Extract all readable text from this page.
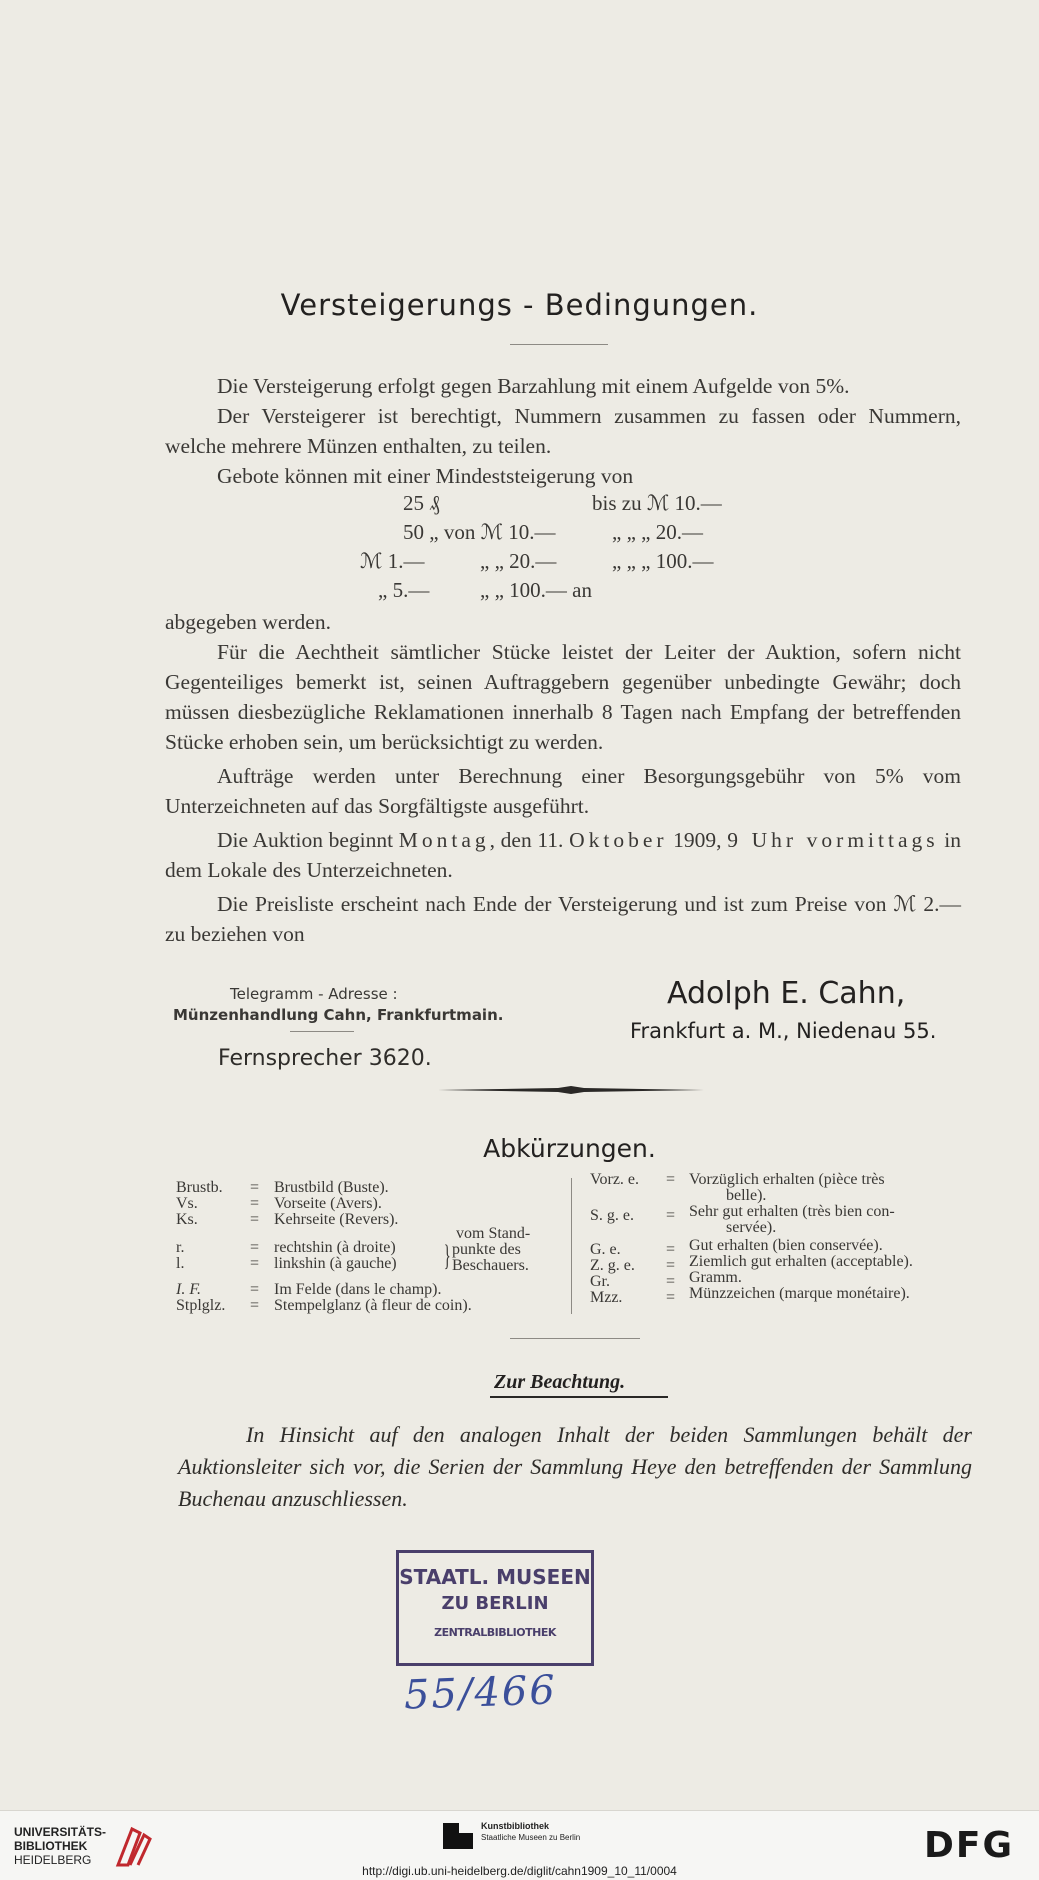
Versteigerungs - Bedingungen.

Die Versteigerung erfolgt gegen Barzahlung mit einem Aufgelde von 5%.

Der Versteigerer ist berechtigt, Nummern zusammen zu fassen oder Nummern, welche mehrere Münzen enthalten, zu teilen.

Gebote können mit einer Mindeststeigerung von

25 ₰	bis zu ℳ 10.—
50 „ von ℳ 10.—	„ „ „ 20.—
ℳ 1.—	„ „ 20.—	„ „ „ 100.—
„ 5.— „ „ 100.— an

abgegeben werden.

Für die Aechtheit sämtlicher Stücke leistet der Leiter der Auktion, sofern nicht Gegenteiliges bemerkt ist, seinen Auftraggebern gegenüber unbedingte Gewähr; doch müssen diesbezügliche Reklamationen innerhalb 8 Tagen nach Empfang der betreffenden Stücke erhoben sein, um berücksichtigt zu werden.

Aufträge werden unter Berechnung einer Besorgungsgebühr von 5% vom Unterzeichneten auf das Sorgfältigste ausgeführt.

Die Auktion beginnt Montag, den 11. Oktober 1909, 9 Uhr vormittags in dem Lokale des Unterzeichneten.

Die Preisliste erscheint nach Ende der Versteigerung und ist zum Preise von ℳ 2.— zu beziehen von

Telegramm - Adresse :
Münzenhandlung Cahn, Frankfurtmain.
Fernsprecher 3620.
Adolph E. Cahn,
Frankfurt a. M., Niedenau 55.
Abkürzungen.
Brustb. = Brustbild (Buste).
Vs.	= Vorseite (Avers).
Ks.	= Kehrseite (Revers).
r.	= rechtshin (à droite)
l.	= linkshin (à gauche) }
vom Stand-
punkte des
Beschauers.
I. F.	= Im Felde (dans le champ).
Stplglz. = Stempelglanz (à fleur de coin).
Vorz. e. = Vorzüglich erhalten (pièce très
belle).
S. g. e. = Sehr gut erhalten (très bien con-
servée).
G. e.	= Gut erhalten (bien conservée).
Z. g. e. = Ziemlich gut erhalten (acceptable).
Gr.	= Gramm.
Mzz.	= Münzzeichen (marque monétaire).
Zur Beachtung.
In Hinsicht auf den analogen Inhalt der beiden Sammlungen behält der Auktionsleiter sich vor, die Serien der Sammlung Heye den betreffenden der Sammlung Buchenau anzuschliessen.
STAATL. MUSEEN
ZU BERLIN
ZENTRALBIBLIOTHEK
55/466
UNIVERSITÄTS-
BIBLIOTHEK
HEIDELBERG
Kunstbibliothek
Staatliche Museen zu Berlin	DFG
http://digi.ub.uni-heidelberg.de/diglit/cahn1909_10_11/0004
